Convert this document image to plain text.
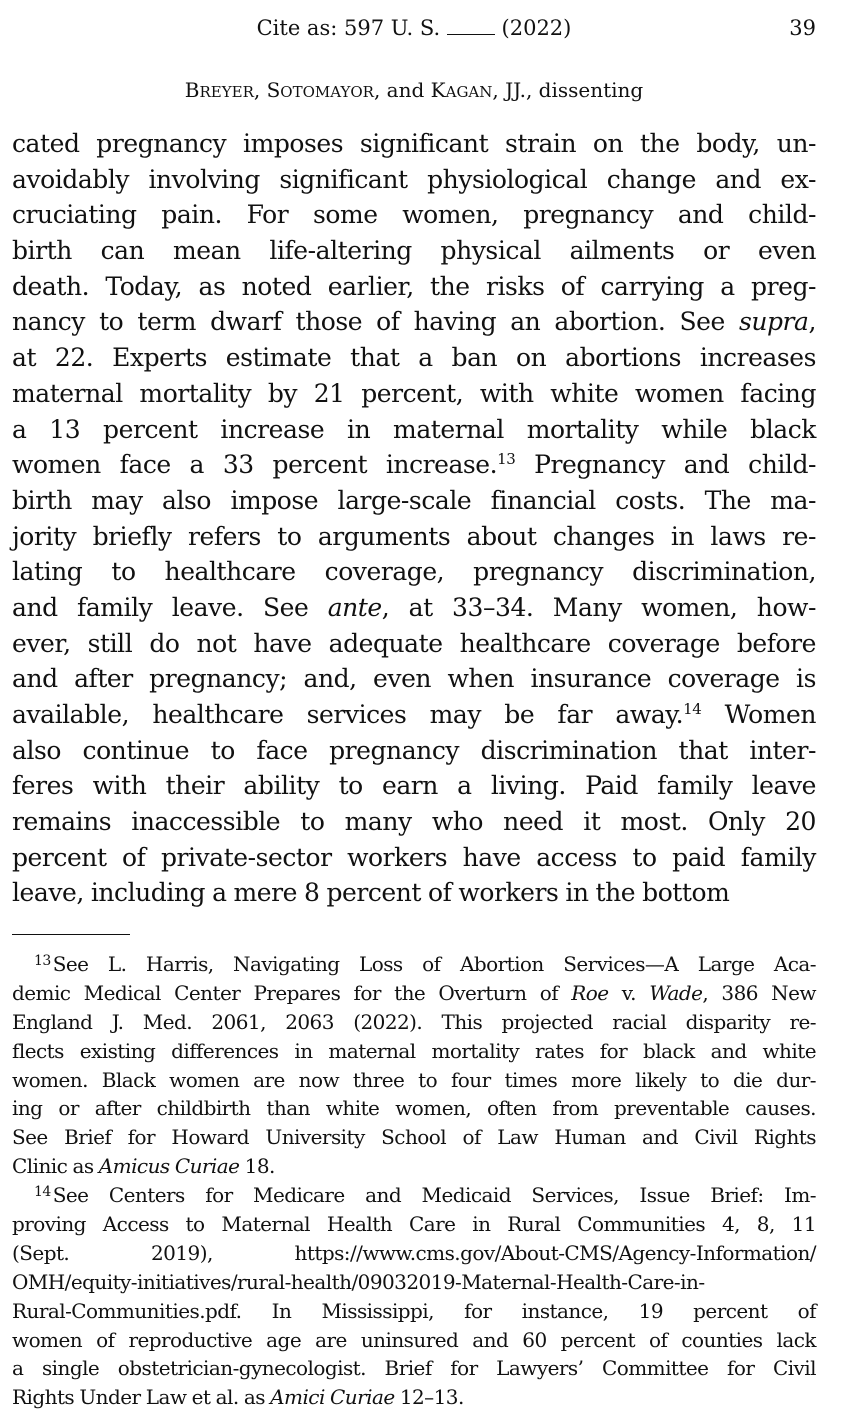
Cite as: 597 U. S.  (2022)	39
BREYER, SOTOMAYOR, and KAGAN, JJ., dissenting
cated pregnancy imposes significant strain on the body, un-
avoidably involving significant physiological change and ex-
cruciating pain. For some women, pregnancy and child-
birth can mean life-altering physical ailments or even
death. Today, as noted earlier, the risks of carrying a preg-
nancy to term dwarf those of having an abortion. See supra,
at 22. Experts estimate that a ban on abortions increases
maternal mortality by 21 percent, with white women facing
a 13 percent increase in maternal mortality while black
women face a 33 percent increase.$^{13}$ Pregnancy and child-
birth may also impose large-scale financial costs. The ma-
jority briefly refers to arguments about changes in laws re-
lating to healthcare coverage, pregnancy discrimination,
and family leave. See ante, at 33–34. Many women, how-
ever, still do not have adequate healthcare coverage before
and after pregnancy; and, even when insurance coverage is
available, healthcare services may be far away.$^{14}$ Women
also continue to face pregnancy discrimination that inter-
feres with their ability to earn a living. Paid family leave
remains inaccessible to many who need it most. Only 20
percent of private-sector workers have access to paid family
leave, including a mere 8 percent of workers in the bottom
$^{13}$ See L. Harris, Navigating Loss of Abortion Services—A Large Aca-
demic Medical Center Prepares for the Overturn of Roe v. Wade, 386 New
England J. Med. 2061, 2063 (2022). This projected racial disparity re-
flects existing differences in maternal mortality rates for black and white
women. Black women are now three to four times more likely to die dur-
ing or after childbirth than white women, often from preventable causes.
See Brief for Howard University School of Law Human and Civil Rights
Clinic as Amicus Curiae 18.
$^{14}$ See Centers for Medicare and Medicaid Services, Issue Brief: Im-
proving Access to Maternal Health Care in Rural Communities 4, 8, 11
(Sept. 2019), https://www.cms.gov/About-CMS/Agency-Information/
OMH/equity-initiatives/rural-health/09032019-Maternal-Health-Care-in-
Rural-Communities.pdf. In Mississippi, for instance, 19 percent of
women of reproductive age are uninsured and 60 percent of counties lack
a single obstetrician-gynecologist. Brief for Lawyers’ Committee for Civil
Rights Under Law et al. as Amici Curiae 12–13.
